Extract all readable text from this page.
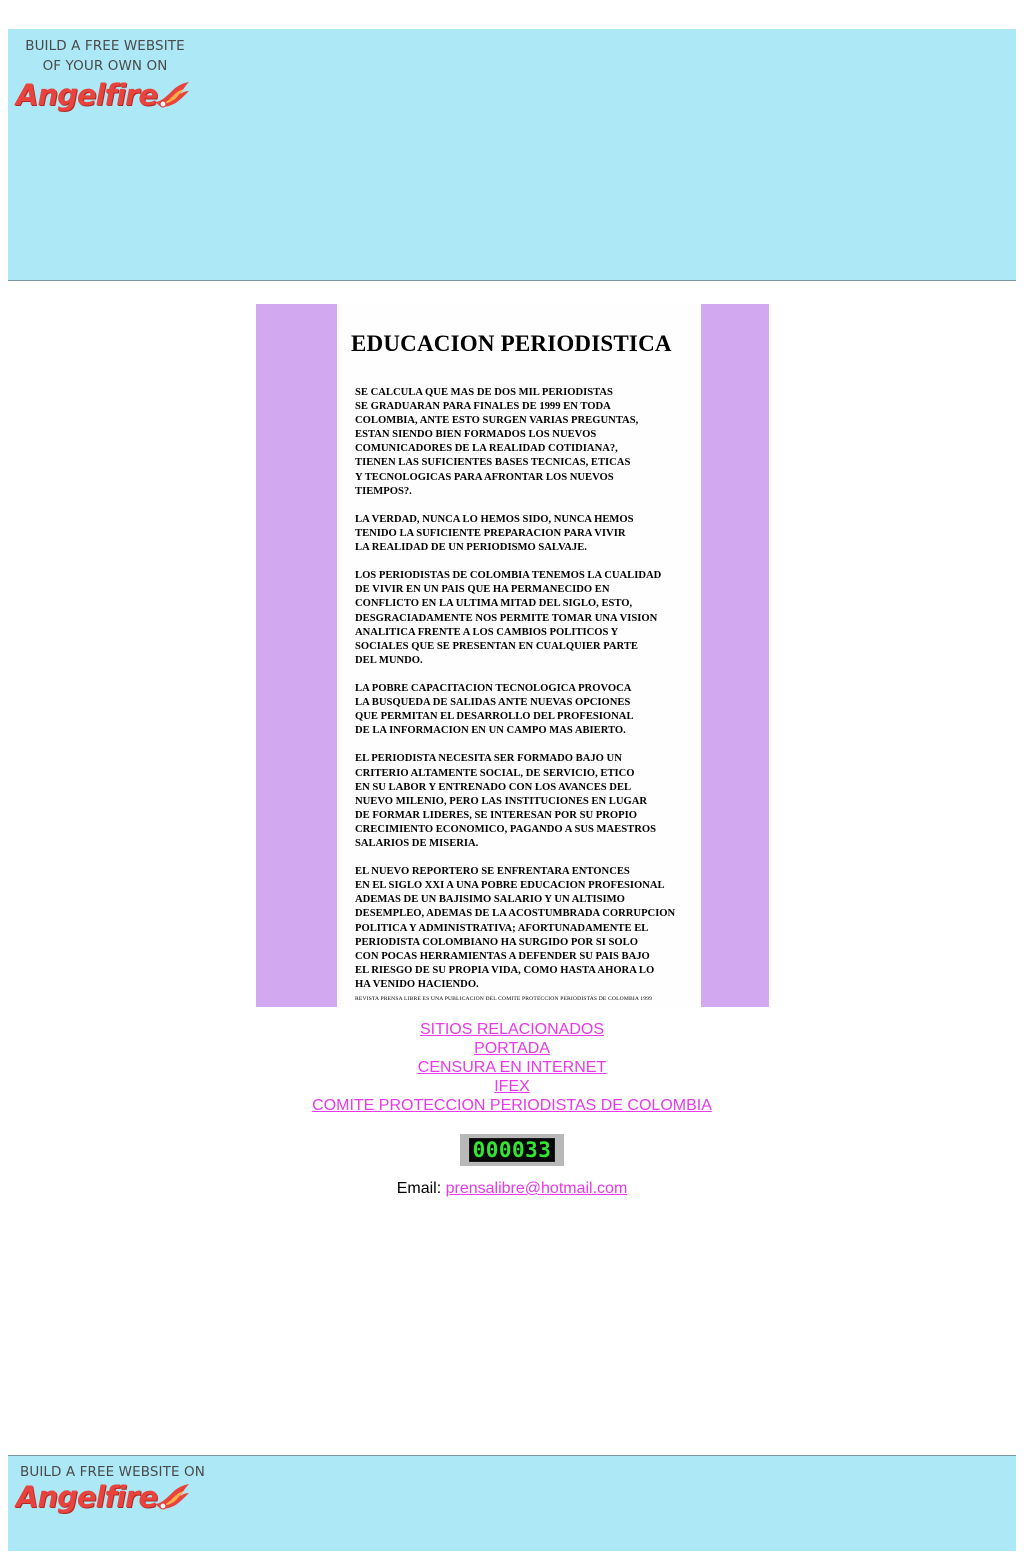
BUILD A FREE WEBSITE
OF YOUR OWN ON
Angelfire
EDUCACION PERIODISTICA
SE CALCULA QUE MAS DE DOS MIL PERIODISTAS
SE GRADUARAN PARA FINALES DE 1999 EN TODA
COLOMBIA, ANTE ESTO SURGEN VARIAS PREGUNTAS,
ESTAN SIENDO BIEN FORMADOS LOS NUEVOS
COMUNICADORES DE LA REALIDAD COTIDIANA?,
TIENEN LAS SUFICIENTES BASES TECNICAS, ETICAS
Y TECNOLOGICAS PARA AFRONTAR LOS NUEVOS
TIEMPOS?.
LA VERDAD, NUNCA LO HEMOS SIDO, NUNCA HEMOS
TENIDO LA SUFICIENTE PREPARACION PARA VIVIR
LA REALIDAD DE UN PERIODISMO SALVAJE.
LOS PERIODISTAS DE COLOMBIA TENEMOS LA CUALIDAD
DE VIVIR EN UN PAIS QUE HA PERMANECIDO EN
CONFLICTO EN LA ULTIMA MITAD DEL SIGLO, ESTO,
DESGRACIADAMENTE NOS PERMITE TOMAR UNA VISION
ANALITICA FRENTE A LOS CAMBIOS POLITICOS Y
SOCIALES QUE SE PRESENTAN EN CUALQUIER PARTE
DEL MUNDO.
LA POBRE CAPACITACION TECNOLOGICA PROVOCA
LA BUSQUEDA DE SALIDAS ANTE NUEVAS OPCIONES
QUE PERMITAN EL DESARROLLO DEL PROFESIONAL
DE LA INFORMACION EN UN CAMPO MAS ABIERTO.
EL PERIODISTA NECESITA SER FORMADO BAJO UN
CRITERIO ALTAMENTE SOCIAL, DE SERVICIO, ETICO
EN SU LABOR Y ENTRENADO CON LOS AVANCES DEL
NUEVO MILENIO, PERO LAS INSTITUCIONES EN LUGAR
DE FORMAR LIDERES, SE INTERESAN POR SU PROPIO
CRECIMIENTO ECONOMICO, PAGANDO A SUS MAESTROS
SALARIOS DE MISERIA.
EL NUEVO REPORTERO SE ENFRENTARA ENTONCES
EN EL SIGLO XXI A UNA POBRE EDUCACION PROFESIONAL
ADEMAS DE UN BAJISIMO SALARIO Y UN ALTISIMO
DESEMPLEO, ADEMAS DE LA ACOSTUMBRADA CORRUPCION
POLITICA Y ADMINISTRATIVA; AFORTUNADAMENTE EL
PERIODISTA COLOMBIANO HA SURGIDO POR SI SOLO
CON POCAS HERRAMIENTAS A DEFENDER SU PAIS BAJO
EL RIESGO DE SU PROPIA VIDA, COMO HASTA AHORA LO
HA VENIDO HACIENDO.
REVISTA PRENSA LIBRE ES UNA PUBLICACION DEL COMITE PROTECCION PERIODISTAS DE COLOMBIA 1999
SITIOS RELACIONADOS
PORTADA
CENSURA EN INTERNET
IFEX
COMITE PROTECCION PERIODISTAS DE COLOMBIA
000033
Email: prensalibre@hotmail.com
BUILD A FREE WEBSITE ON
Angelfire
